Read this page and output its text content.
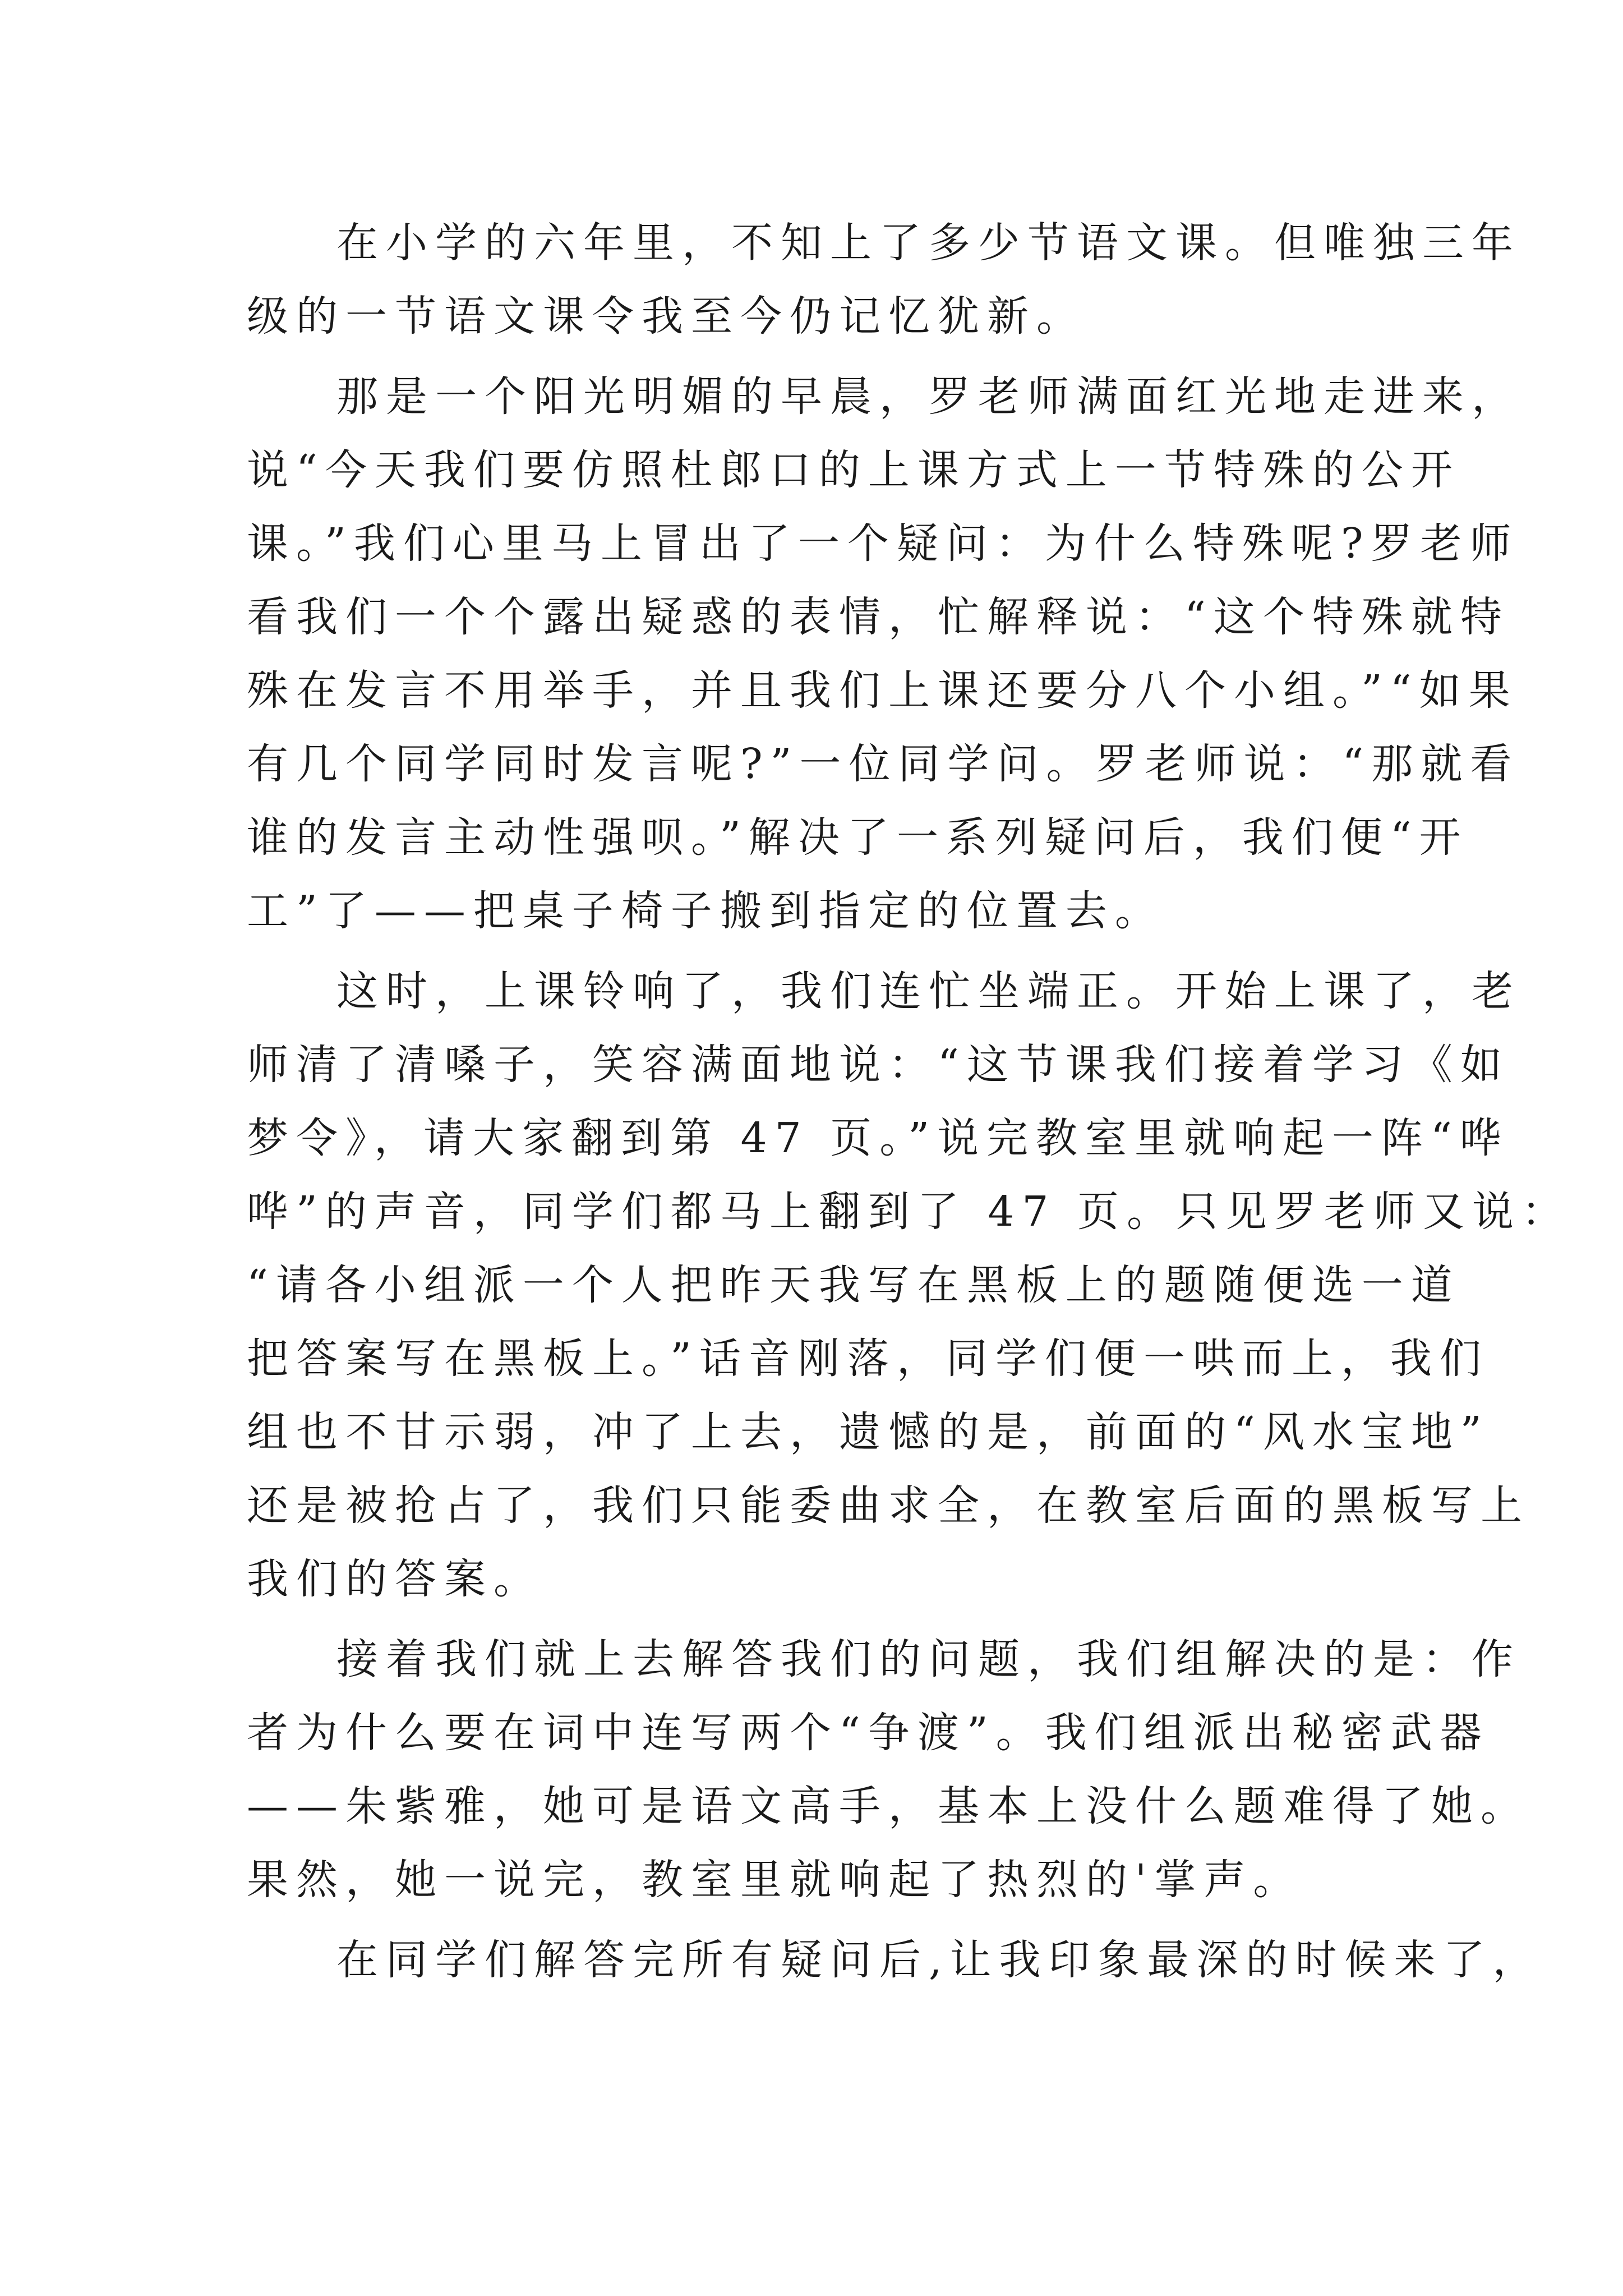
在小学的六年里，不知上了多少节语文课。但唯独三年
级的一节语文课令我至今仍记忆犹新。
那是一个阳光明媚的早晨，罗老师满面红光地走进来，
说“今天我们要仿照杜郎口的上课方式上一节特殊的公开
课。”我们心里马上冒出了一个疑问：为什么特殊呢?罗老师
看我们一个个露出疑惑的表情，忙解释说：“这个特殊就特
殊在发言不用举手，并且我们上课还要分八个小组。”“如果
有几个同学同时发言呢?”一位同学问。罗老师说：“那就看
谁的发言主动性强呗。”解决了一系列疑问后，我们便“开
工”了——把桌子椅子搬到指定的位置去。
这时，上课铃响了，我们连忙坐端正。开始上课了，老
师清了清嗓子，笑容满面地说：“这节课我们接着学习《如
梦令》，请大家翻到第 47 页。”说完教室里就响起一阵“哗
哗”的声音，同学们都马上翻到了 47 页。只见罗老师又说：
“请各小组派一个人把昨天我写在黑板上的题随便选一道
把答案写在黑板上。”话音刚落，同学们便一哄而上，我们
组也不甘示弱，冲了上去，遗憾的是，前面的“风水宝地”
还是被抢占了，我们只能委曲求全，在教室后面的黑板写上
我们的答案。
接着我们就上去解答我们的问题，我们组解决的是：作
者为什么要在词中连写两个“争渡”。我们组派出秘密武器
——朱紫雅，她可是语文高手，基本上没什么题难得了她。
果然，她一说完，教室里就响起了热烈的'掌声。
在同学们解答完所有疑问后,让我印象最深的时候来了，
